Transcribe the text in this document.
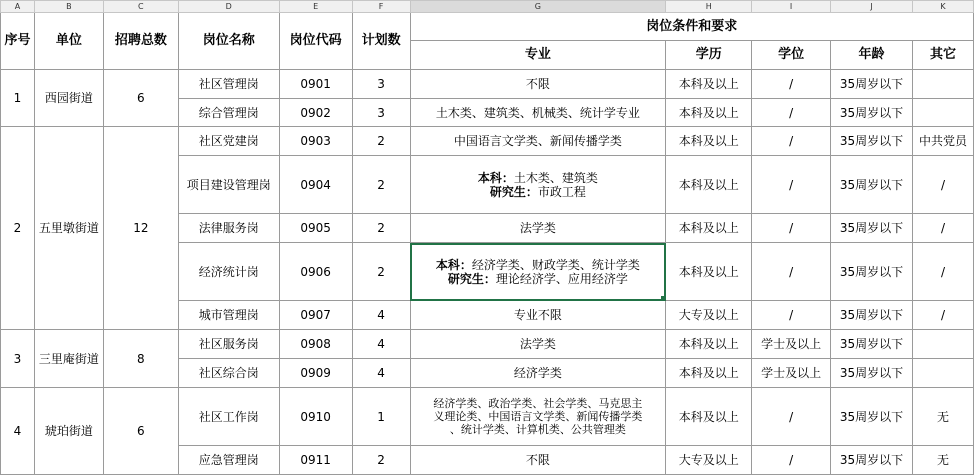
A	B	C	D	E	F	G	H	I	J	K
序号	单位	招聘总数	岗位名称	岗位代码	计划数	岗位条件和要求				
						专业	学历	学位	年龄	其它
1	西园街道	6	社区管理岗	0901	3	不限	本科及以上	/	35周岁以下	
			综合管理岗	0902	3	土木类、建筑类、机械类、统计学专业	本科及以上	/	35周岁以下	
2	五里墩街道	12	社区党建岗	0903	2	中国语言文学类、新闻传播学类	本科及以上	/	35周岁以下	中共党员
			项目建设管理岗	0904	2	本科：土木类、建筑类
研究生：市政工程	本科及以上	/	35周岁以下	/
			法律服务岗	0905	2	法学类	本科及以上	/	35周岁以下	/
			经济统计岗	0906	2	本科：经济学类、财政学类、统计学类
研究生：理论经济学、应用经济学	本科及以上	/	35周岁以下	/
			城市管理岗	0907	4	专业不限	大专及以上	/	35周岁以下	/
3	三里庵街道	8	社区服务岗	0908	4	法学类	本科及以上	学士及以上	35周岁以下	
			社区综合岗	0909	4	经济学类	本科及以上	学士及以上	35周岁以下	
4	琥珀街道	6	社区工作岗	0910	1	经济学类、政治学类、社会学类、马克思主
义理论类、中国语言文学类、新闻传播学类
、统计学类、计算机类、公共管理类	本科及以上	/	35周岁以下	无
			应急管理岗	0911	2	不限	大专及以上	/	35周岁以下	无
